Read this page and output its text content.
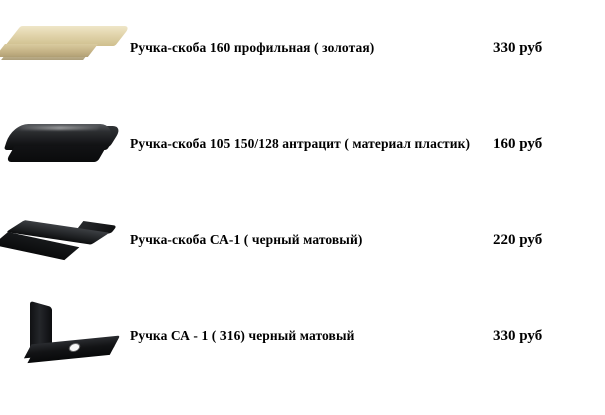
Ручка-скоба 160 профильная ( золотая)	330 руб
Ручка-скоба 105 150/128 антрацит ( материал пластик)	160 руб
Ручка-скоба СА-1 ( черный матовый)	220 руб
Ручка СА - 1 ( 316) черный матовый	330 руб
